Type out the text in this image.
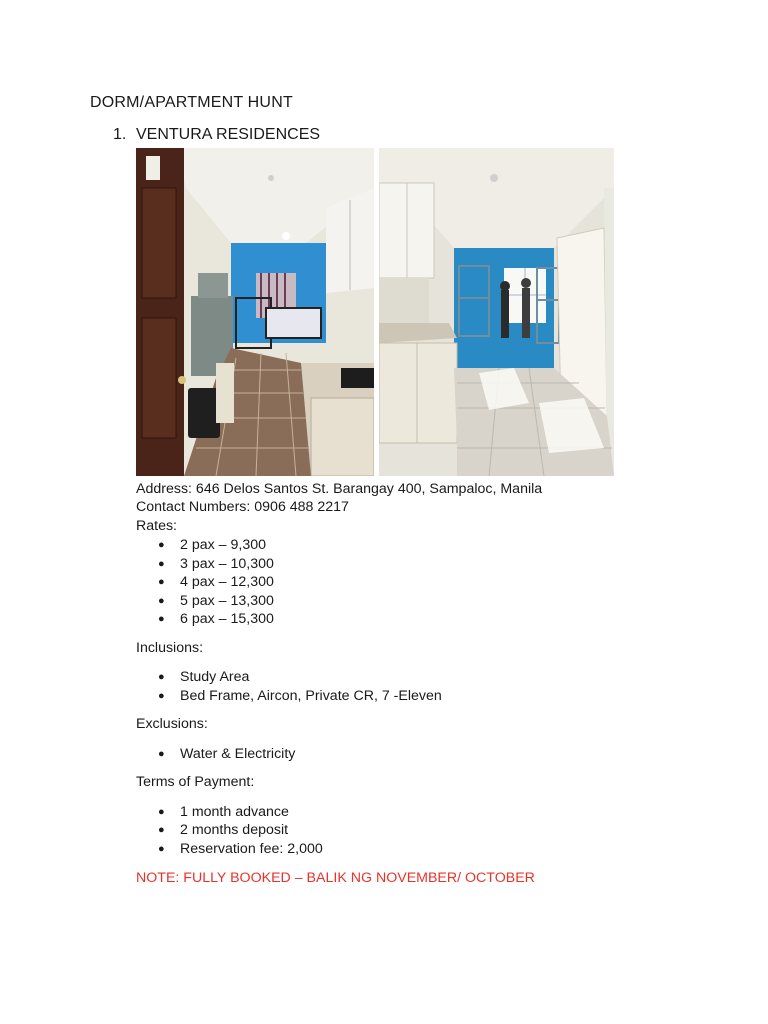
DORM/APARTMENT HUNT
1. VENTURA RESIDENCES
Address: 646 Delos Santos St. Barangay 400, Sampaloc, Manila
Contact Numbers: 0906 488 2217
Rates:
● 2 pax – 9,300
● 3 pax – 10,300
● 4 pax – 12,300
● 5 pax – 13,300
● 6 pax – 15,300
Inclusions:
● Study Area
● Bed Frame, Aircon, Private CR, 7 -Eleven
Exclusions:
● Water & Electricity
Terms of Payment:
● 1 month advance
● 2 months deposit
● Reservation fee: 2,000
NOTE: FULLY BOOKED – BALIK NG NOVEMBER/ OCTOBER
